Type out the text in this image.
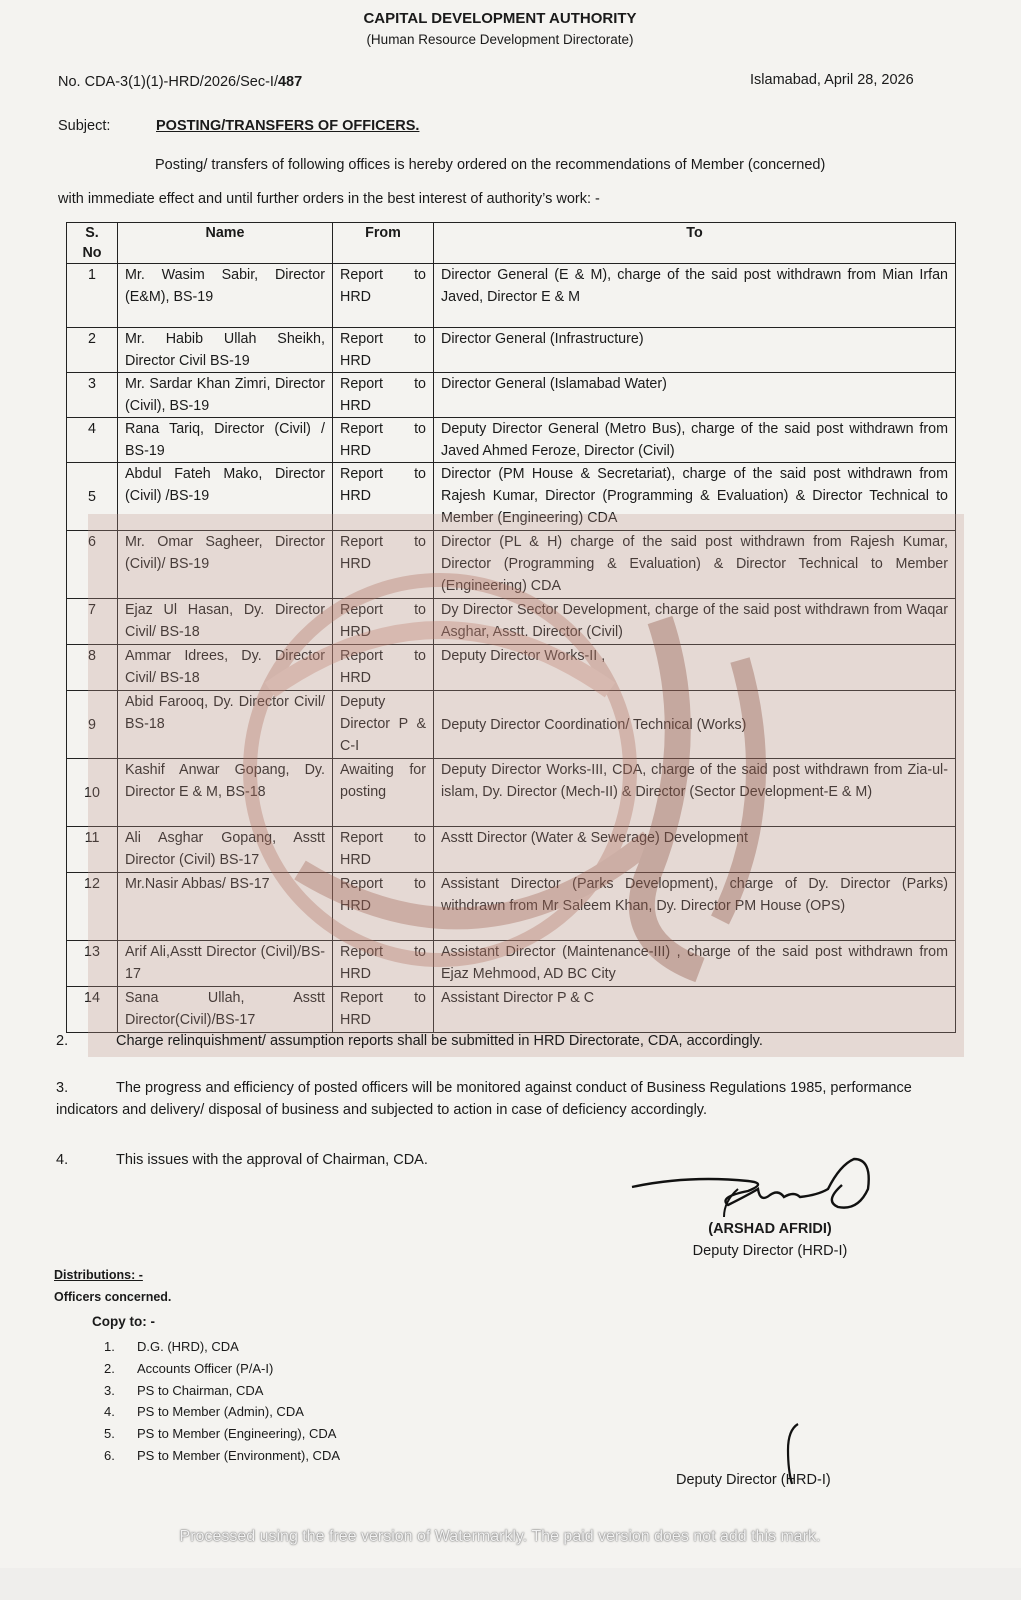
CAPITAL DEVELOPMENT AUTHORITY
(Human Resource Development Directorate)
No. CDA-3(1)(1)-HRD/2026/Sec-I/487	Islamabad, April 28, 2026
Subject:	POSTING/TRANSFERS OF OFFICERS.
Posting/ transfers of following offices is hereby ordered on the recommendations of Member (concerned)
with immediate effect and until further orders in the best interest of authority’s work: -
S. No	Name	From	To
1	Mr. Wasim Sabir, Director (E&M), BS-19	Report to HRD	Director General (E & M), charge of the said post withdrawn from Mian Irfan Javed, Director E & M
2	Mr. Habib Ullah Sheikh, Director Civil BS-19	Report to HRD	Director General (Infrastructure)
3	Mr. Sardar Khan Zimri, Director (Civil), BS-19	Report to HRD	Director General (Islamabad Water)
4	Rana Tariq, Director (Civil) / BS-19	Report to HRD	Deputy Director General (Metro Bus), charge of the said post withdrawn from Javed Ahmed Feroze, Director (Civil)
5	Abdul Fateh Mako, Director (Civil) /BS-19	Report to HRD	Director (PM House & Secretariat), charge of the said post withdrawn from Rajesh Kumar, Director (Programming & Evaluation) & Director Technical to Member (Engineering) CDA
6	Mr. Omar Sagheer, Director (Civil)/ BS-19	Report to HRD	Director (PL & H) charge of the said post withdrawn from Rajesh Kumar, Director (Programming & Evaluation) & Director Technical to Member (Engineering) CDA
7	Ejaz Ul Hasan, Dy. Director Civil/ BS-18	Report to HRD	Dy Director Sector Development, charge of the said post withdrawn from Waqar Asghar, Asstt. Director (Civil)
8	Ammar Idrees, Dy. Director Civil/ BS-18	Report to HRD	Deputy Director Works-II ,
9	Abid Farooq, Dy. Director Civil/ BS-18	Deputy Director P & C-I	Deputy Director Coordination/ Technical (Works)
10	Kashif Anwar Gopang, Dy. Director E & M, BS-18	Awaiting for posting	Deputy Director Works-III, CDA, charge of the said post withdrawn from Zia-ul-islam, Dy. Director (Mech-II) & Director (Sector Development-E & M)
11	Ali Asghar Gopang, Asstt Director (Civil) BS-17	Report to HRD	Asstt Director (Water & Sewerage) Development
12	Mr.Nasir Abbas/ BS-17	Report to HRD	Assistant Director (Parks Development), charge of Dy. Director (Parks) withdrawn from Mr Saleem Khan, Dy. Director PM House (OPS)
13	Arif Ali,Asstt Director (Civil)/BS-17	Report to HRD	Assistant Director (Maintenance-III) , charge of the said post withdrawn from Ejaz Mehmood, AD BC City
14	Sana Ullah, Asstt Director(Civil)/BS-17	Report to HRD	Assistant Director P & C
2.	Charge relinquishment/ assumption reports shall be submitted in HRD Directorate, CDA, accordingly.
3.	The progress and efficiency of posted officers will be monitored against conduct of Business Regulations 1985, performance indicators and delivery/ disposal of business and subjected to action in case of deficiency accordingly.
4.	This issues with the approval of Chairman, CDA.
(ARSHAD AFRIDI)
Deputy Director (HRD-I)
Distributions: -
Officers concerned.
Copy to: -
1. D.G. (HRD), CDA
2. Accounts Officer (P/A-I)
3. PS to Chairman, CDA
4. PS to Member (Admin), CDA
5. PS to Member (Engineering), CDA
6. PS to Member (Environment), CDA
Deputy Director (HRD-I)
Processed using the free version of Watermarkly. The paid version does not add this mark.
